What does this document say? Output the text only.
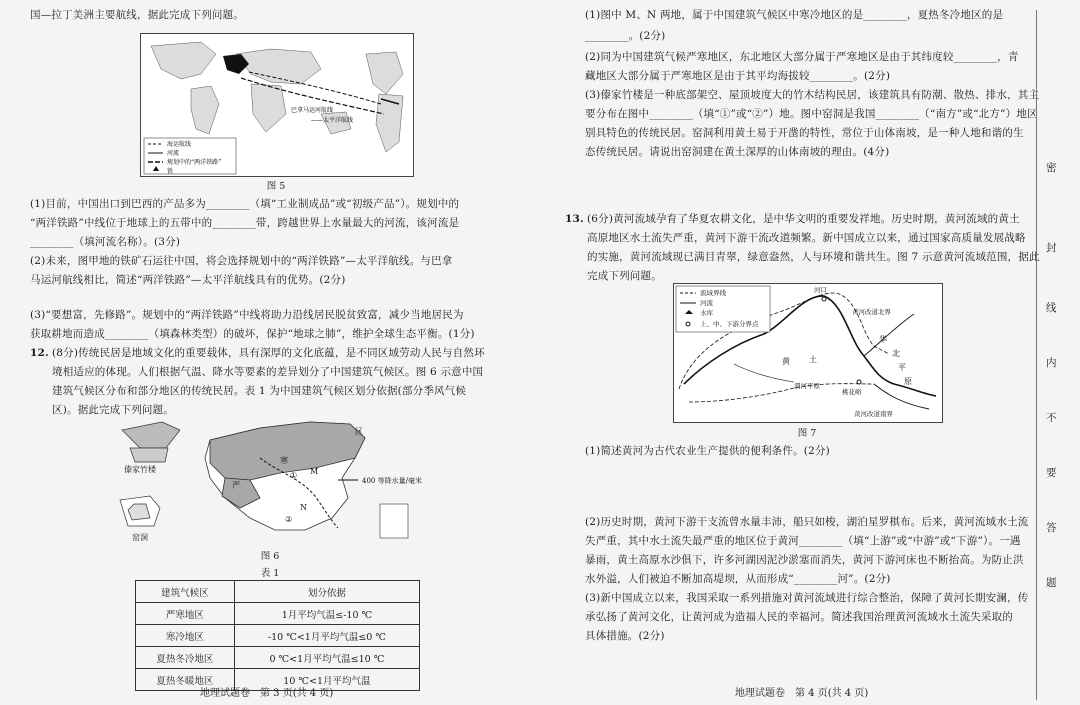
国—拉丁美洲主要航线，据此完成下列问题。
海运航线
河流
规划中的“两洋铁路”
铁
巴拿马运河航线
——太平洋航线
图 5
(1)目前，中国出口到巴西的产品多为________（填“工业制成品”或“初级产品”）。规划中的
“两洋铁路”中线位于地球上的五带中的________带，跨越世界上水量最大的河流，该河流是
________（填河流名称）。(3分)
(2)未来，图甲地的铁矿石运往中国，将会选择规划中的“两洋铁路”—太平洋航线。与巴拿
马运河航线相比，简述“两洋铁路”—太平洋航线具有的优势。(2分)
(3)“要想富，先修路”。规划中的“两洋铁路”中线将助力沿线居民脱贫致富，减少当地居民为
获取耕地而造成________（填森林类型）的破坏，保护“地球之肺”，维护全球生态平衡。(1分)
12. (8分)传统民居是地域文化的重要载体，具有深厚的文化底蕴，是不同区域劳动人民与自然环
境相适应的体现。人们根据气温、降水等要素的差异划分了中国建筑气候区。图 6 示意中国
建筑气候区分布和部分地区的传统民居。表 1 为中国建筑气候区划分依据(部分季风气候
区)。据此完成下列问题。
区
寒
严
M
N
①
②
400 等降水量/毫米
傣家竹楼
窑洞
图 6
表 1
建筑气候区	划分依据
严寒地区	1月平均气温≤-10 ℃
寒冷地区	-10 ℃<1月平均气温≤0 ℃
夏热冬冷地区	0 ℃<1月平均气温≤10 ℃
夏热冬暖地区	10 ℃<1月平均气温
地理试题卷　第 3 页(共 4 页)
(1)图中 M、N 两地，属于中国建筑气候区中寒冷地区的是________，夏热冬冷地区的是
________。(2分)
(2)同为中国建筑气候严寒地区，东北地区大部分属于严寒地区是由于其纬度较________，青
藏地区大部分属于严寒地区是由于其平均海拔较________。(2分)
(3)傣家竹楼是一种底部架空、屋顶坡度大的竹木结构民居，该建筑具有防潮、散热、排水，其主
要分布在图中________（填“①”或“②”）地。图中窑洞是我国________（“南方”或“北方”）地区
别具特色的传统民居。窑洞利用黄土易于开凿的特性，常位于山体南坡，是一种人地和谐的生
态传统民居。请说出窑洞建在黄土深厚的山体南坡的理由。(4分)
13. (6分)黄河流域孕育了华夏农耕文化，是中华文明的重要发祥地。历史时期，黄河流域的黄土
高原地区水土流失严重，黄河下游干流改道频繁。新中国成立以来，通过国家高质量发展战略
的实施，黄河流域现已满目青翠，绿意盎然，人与环境和谐共生。图 7 示意黄河流域范围，据此
完成下列问题。
流域界线
河流
水库
上、中、下游分界点
河口
黄河改道北界
华
北
平
原
黄 土
渭河平原
桃花峪
黄河改道南界
图 7
(1)简述黄河为古代农业生产提供的便利条件。(2分)
(2)历史时期，黄河下游干支流曾水量丰沛，船只如梭，湖泊星罗棋布。后来，黄河流域水土流
失严重，其中水土流失最严重的地区位于黄河________（填“上游”或“中游”或“下游”）。一遇
暴雨，黄土高原水沙俱下，许多河湖因泥沙淤塞而消失，黄河下游河床也不断抬高。为防止洪
水外溢，人们被迫不断加高堤坝，从而形成“________河”。(2分)
(3)新中国成立以来，我国采取一系列措施对黄河流域进行综合整治，保障了黄河长期安澜，传
承弘扬了黄河文化，让黄河成为造福人民的幸福河。简述我国治理黄河流域水土流失采取的
具体措施。(2分)
地理试题卷　第 4 页(共 4 页)
密
封
线
内
不
要
答
题
